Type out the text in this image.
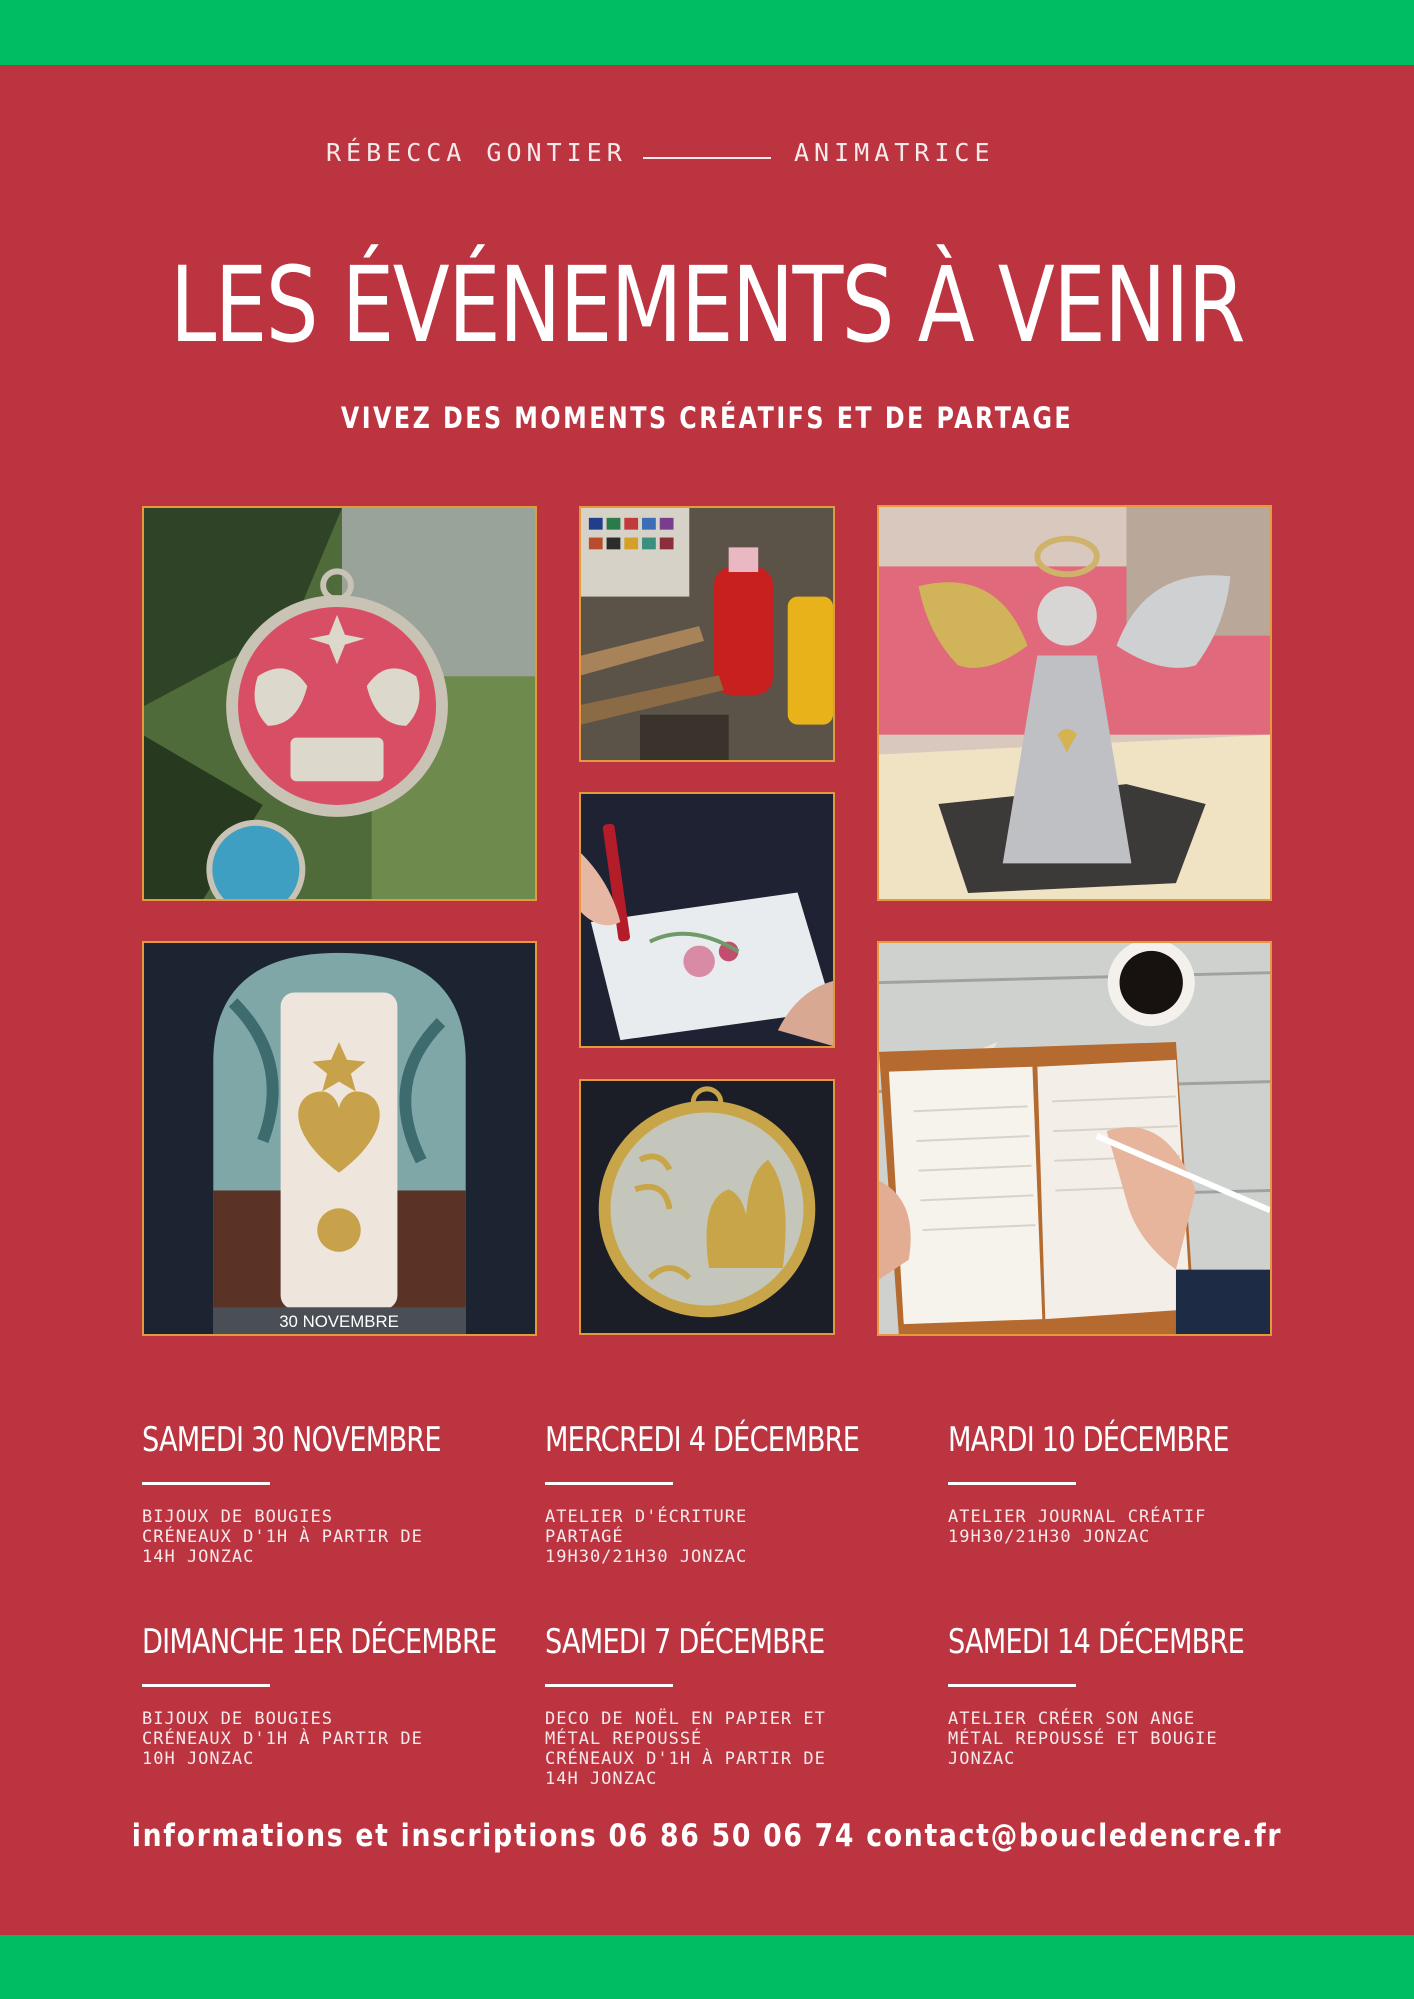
RÉBECCA GONTIER	ANIMATRICE
LES ÉVÉNEMENTS À VENIR

VIVEZ DES MOMENTS CRÉATIFS ET DE PARTAGE

30 NOVEMBRE
SAMEDI 30 NOVEMBRE
BIJOUX DE BOUGIES
CRÉNEAUX D'1H À PARTIR DE
14H JONZAC
MERCREDI 4 DÉCEMBRE
ATELIER D'ÉCRITURE
PARTAGÉ
19H30/21H30 JONZAC
MARDI 10 DÉCEMBRE
ATELIER JOURNAL CRÉATIF
19H30/21H30 JONZAC
DIMANCHE 1ER DÉCEMBRE
BIJOUX DE BOUGIES
CRÉNEAUX D'1H À PARTIR DE
10H JONZAC
SAMEDI 7 DÉCEMBRE
DECO DE NOËL EN PAPIER ET
MÉTAL REPOUSSÉ
CRÉNEAUX D'1H À PARTIR DE
14H JONZAC
SAMEDI 14 DÉCEMBRE
ATELIER CRÉER SON ANGE
MÉTAL REPOUSSÉ ET BOUGIE
JONZAC
informations et inscriptions 06 86 50 06 74 contact@boucledencre.fr
